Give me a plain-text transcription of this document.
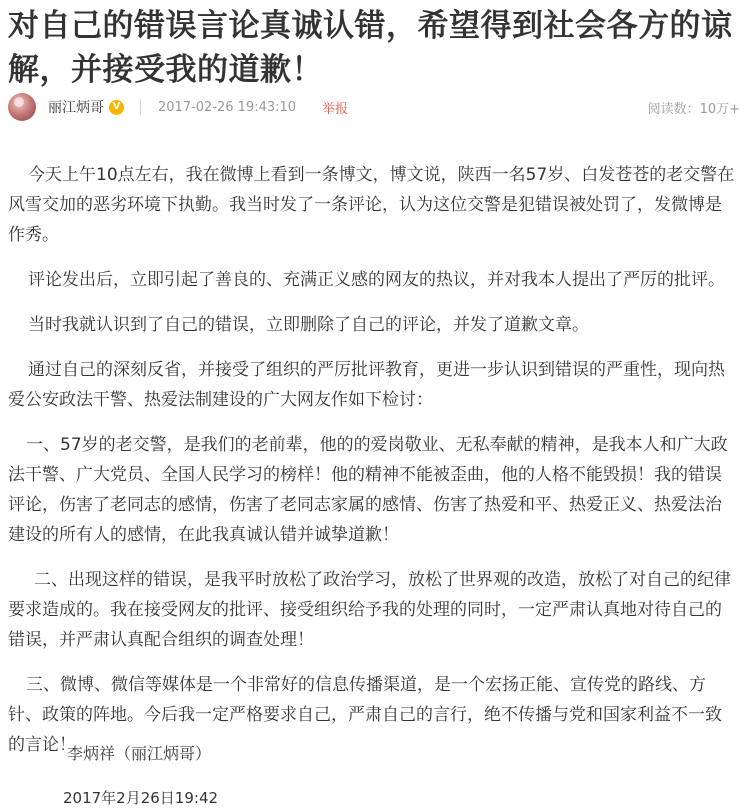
对自己的错误言论真诚认错，希望得到社会各方的谅解，并接受我的道歉！
丽江炳哥 V	2017-02-26 19:43:10 举报	阅读数：10万+

今天上午10点左右，我在微博上看到一条博文，博文说，陕西一名57岁、白发苍苍的老交警在风雪交加的恶劣环境下执勤。我当时发了一条评论，认为这位交警是犯错误被处罚了，发微博是作秀。

评论发出后，立即引起了善良的、充满正义感的网友的热议，并对我本人提出了严厉的批评。

当时我就认识到了自己的错误，立即删除了自己的评论，并发了道歉文章。

通过自己的深刻反省，并接受了组织的严厉批评教育，更进一步认识到错误的严重性，现向热爱公安政法干警、热爱法制建设的广大网友作如下检讨：

一、57岁的老交警，是我们的老前辈，他的的爱岗敬业、无私奉献的精神，是我本人和广大政法干警、广大党员、全国人民学习的榜样！他的精神不能被歪曲，他的人格不能毁损！我的错误评论，伤害了老同志的感情，伤害了老同志家属的感情、伤害了热爱和平、热爱正义、热爱法治建设的所有人的感情，在此我真诚认错并诚挚道歉！

二、出现这样的错误，是我平时放松了政治学习，放松了世界观的改造，放松了对自己的纪律要求造成的。我在接受网友的批评、接受组织给予我的处理的同时，一定严肃认真地对待自己的错误，并严肃认真配合组织的调查处理！

三、微博、微信等媒体是一个非常好的信息传播渠道，是一个宏扬正能、宣传党的路线、方针、政策的阵地。今后我一定严格要求自己，严肃自己的言行，绝不传播与党和国家利益不一致的言论！

李炳祥（丽江炳哥）
2017年2月26日19:42
